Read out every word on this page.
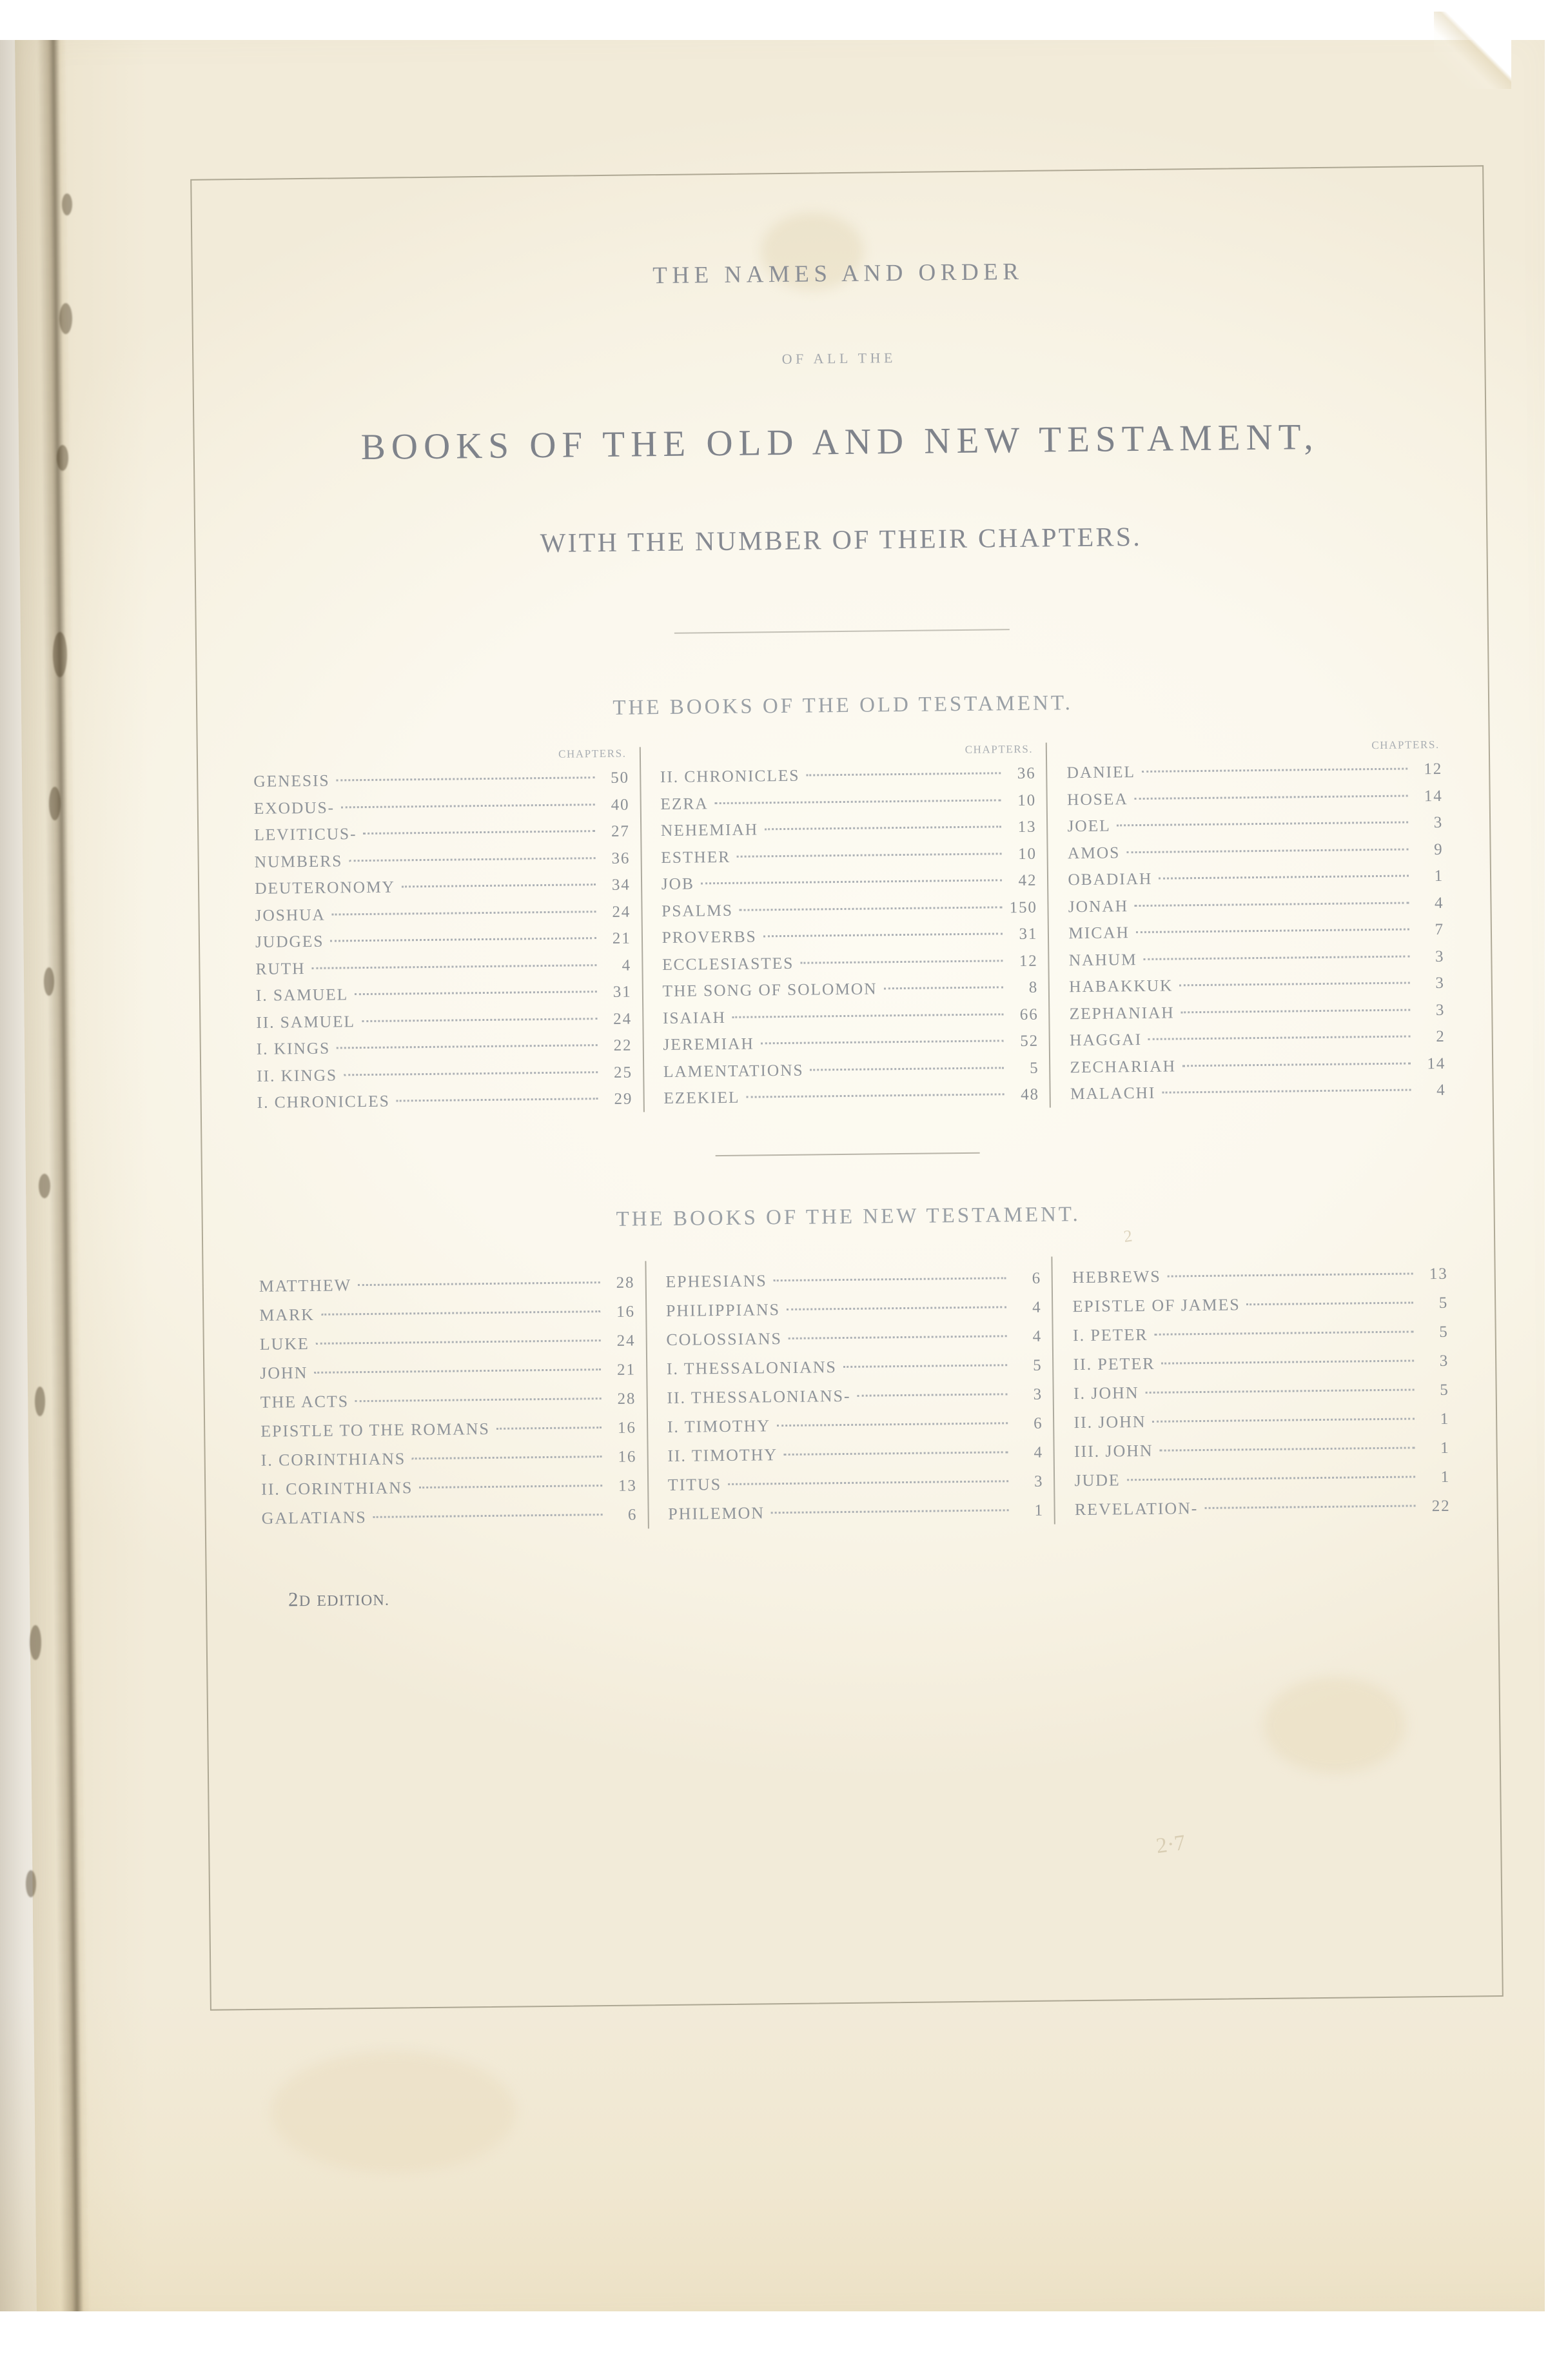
THE NAMES AND ORDER
OF ALL THE
BOOKS OF THE OLD AND NEW TESTAMENT,
WITH THE NUMBER OF THEIR CHAPTERS.
THE BOOKS OF THE OLD TESTAMENT.
CHAPTERS.
GENESIS	50
EXODUS-	40
LEVITICUS-	27
NUMBERS	36
DEUTERONOMY	34
JOSHUA	24
JUDGES	21
RUTH	4
I. SAMUEL	31
II. SAMUEL	24
I. KINGS	22
II. KINGS	25
I. CHRONICLES	29
CHAPTERS.
II. CHRONICLES	36
EZRA	10
NEHEMIAH	13
ESTHER	10
JOB	42
PSALMS	150
PROVERBS	31
ECCLESIASTES	12
THE SONG OF SOLOMON	8
ISAIAH	66
JEREMIAH	52
LAMENTATIONS	5
EZEKIEL	48
CHAPTERS.
DANIEL	12
HOSEA	14
JOEL	3
AMOS	9
OBADIAH	1
JONAH	4
MICAH	7
NAHUM	3
HABAKKUK	3
ZEPHANIAH	3
HAGGAI	2
ZECHARIAH	14
MALACHI	4
THE BOOKS OF THE NEW TESTAMENT.
MATTHEW	28
MARK	16
LUKE	24
JOHN	21
THE ACTS	28
EPISTLE TO THE ROMANS	16
I. CORINTHIANS	16
II. CORINTHIANS	13
GALATIANS	6
EPHESIANS	6
PHILIPPIANS	4
COLOSSIANS	4
I. THESSALONIANS	5
II. THESSALONIANS-	3
I. TIMOTHY	6
II. TIMOTHY	4
TITUS	3
PHILEMON	1
HEBREWS	13
EPISTLE OF JAMES	5
I. PETER	5
II. PETER	3
I. JOHN	5
II. JOHN	1
III. JOHN	1
JUDE	1
REVELATION-	22
2D EDITION.
2·7
2
